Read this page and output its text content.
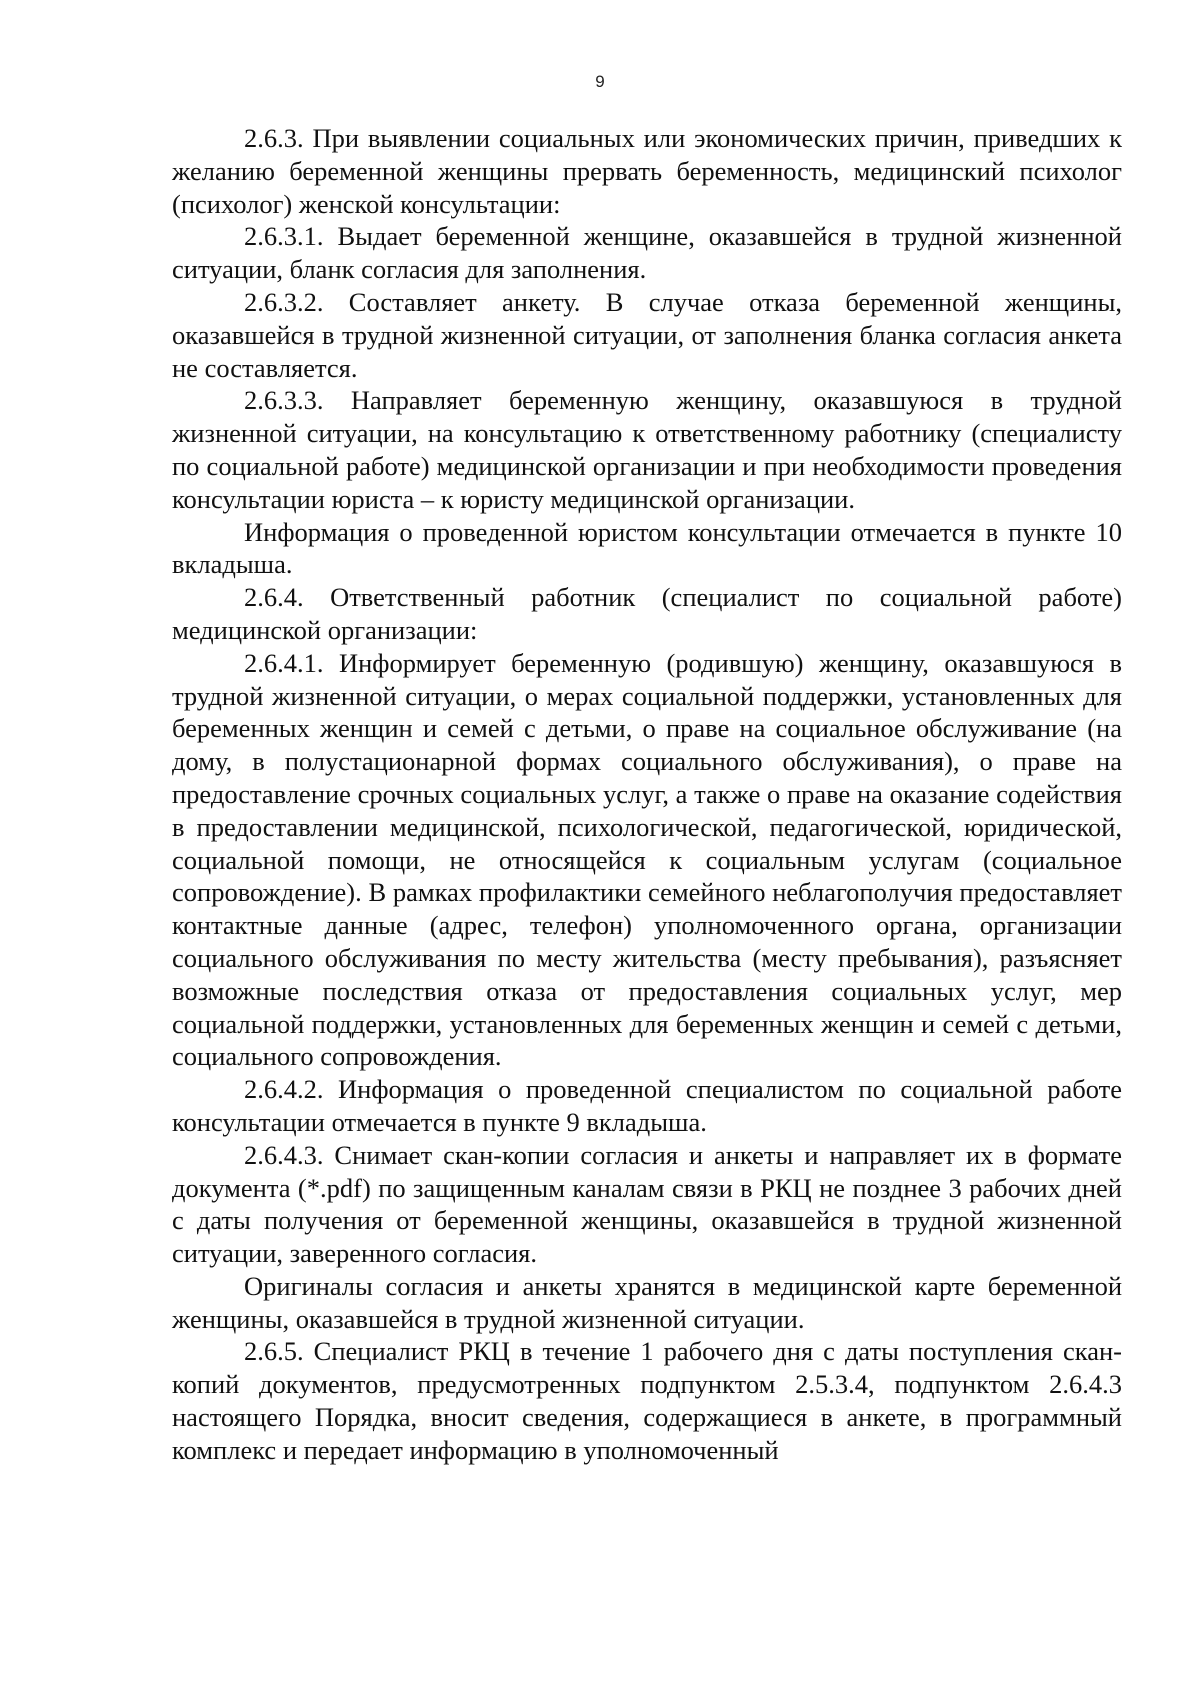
9

2.6.3. При выявлении социальных или экономических причин, приведших к желанию беременной женщины прервать беременность, медицинский психолог (психолог) женской консультации:

2.6.3.1. Выдает беременной женщине, оказавшейся в трудной жизненной ситуации, бланк согласия для заполнения.

2.6.3.2. Составляет анкету. В случае отказа беременной женщины, оказавшейся в трудной жизненной ситуации, от заполнения бланка согласия анкета не составляется.

2.6.3.3. Направляет беременную женщину, оказавшуюся в трудной жизненной ситуации, на консультацию к ответственному работнику (специалисту по социальной работе) медицинской организации и при необходимости проведения консультации юриста – к юристу медицинской организации.

Информация о проведенной юристом консультации отмечается в пункте 10 вкладыша.

2.6.4. Ответственный работник (специалист по социальной работе) медицинской организации:

2.6.4.1. Информирует беременную (родившую) женщину, оказавшуюся в трудной жизненной ситуации, о мерах социальной поддержки, установленных для беременных женщин и семей с детьми, о праве на социальное обслуживание (на дому, в полустационарной формах социального обслуживания), о праве на предоставление срочных социальных услуг, а также о праве на оказание содействия в предоставлении медицинской, психологической, педагогической, юридической, социальной помощи, не относящейся к социальным услугам (социальное сопровождение). В рамках профилактики семейного неблагополучия предоставляет контактные данные (адрес, телефон) уполномоченного органа, организации социального обслуживания по месту жительства (месту пребывания), разъясняет возможные последствия отказа от предоставления социальных услуг, мер социальной поддержки, установленных для беременных женщин и семей с детьми, социального сопровождения.

2.6.4.2. Информация о проведенной специалистом по социальной работе консультации отмечается в пункте 9 вкладыша.

2.6.4.3. Снимает скан-копии согласия и анкеты и направляет их в формате документа (*.pdf) по защищенным каналам связи в РКЦ не позднее 3 рабочих дней с даты получения от беременной женщины, оказавшейся в трудной жизненной ситуации, заверенного согласия.

Оригиналы согласия и анкеты хранятся в медицинской карте беременной женщины, оказавшейся в трудной жизненной ситуации.

2.6.5. Специалист РКЦ в течение 1 рабочего дня с даты поступления скан-копий документов, предусмотренных подпунктом 2.5.3.4, подпунктом 2.6.4.3 настоящего Порядка, вносит сведения, содержащиеся в анкете, в программный комплекс и передает информацию в уполномоченный
